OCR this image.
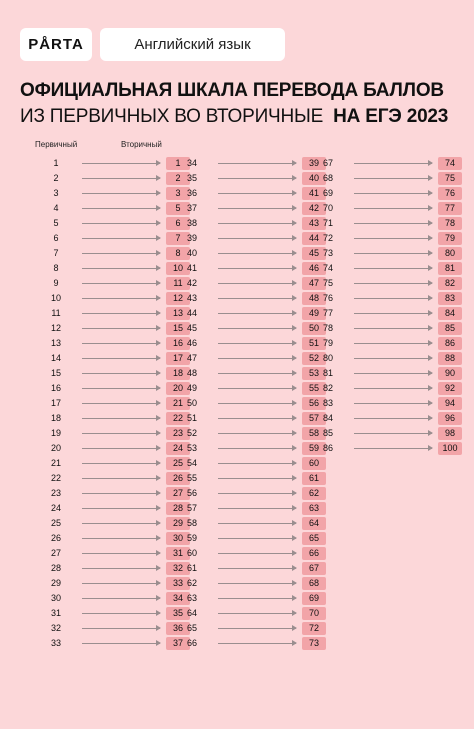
PÅRTA	Английский язык
ОФИЦИАЛЬНАЯ ШКАЛА ПЕРЕВОДА БАЛЛОВ
ИЗ ПЕРВИЧНЫХ ВО ВТОРИЧНЫЕ НА ЕГЭ 2023
Первичный	Вторичный
1	1
2	2
3	3
4	5
5	6
6	7
7	8
8	10
9	11
10	12
11	13
12	15
13	16
14	17
15	18
16	20
17	21
18	22
19	23
20	24
21	25
22	26
23	27
24	28
25	29
26	30
27	31
28	32
29	33
30	34
31	35
32	36
33	37
34	39
35	40
36	41
37	42
38	43
39	44
40	45
41	46
42	47
43	48
44	49
45	50
46	51
47	52
48	53
49	55
50	56
51	57
52	58
53	59
54	60
55	61
56	62
57	63
58	64
59	65
60	66
61	67
62	68
63	69
64	70
65	72
66	73
67	74
68	75
69	76
70	77
71	78
72	79
73	80
74	81
75	82
76	83
77	84
78	85
79	86
80	88
81	90
82	92
83	94
84	96
85	98
86	100
